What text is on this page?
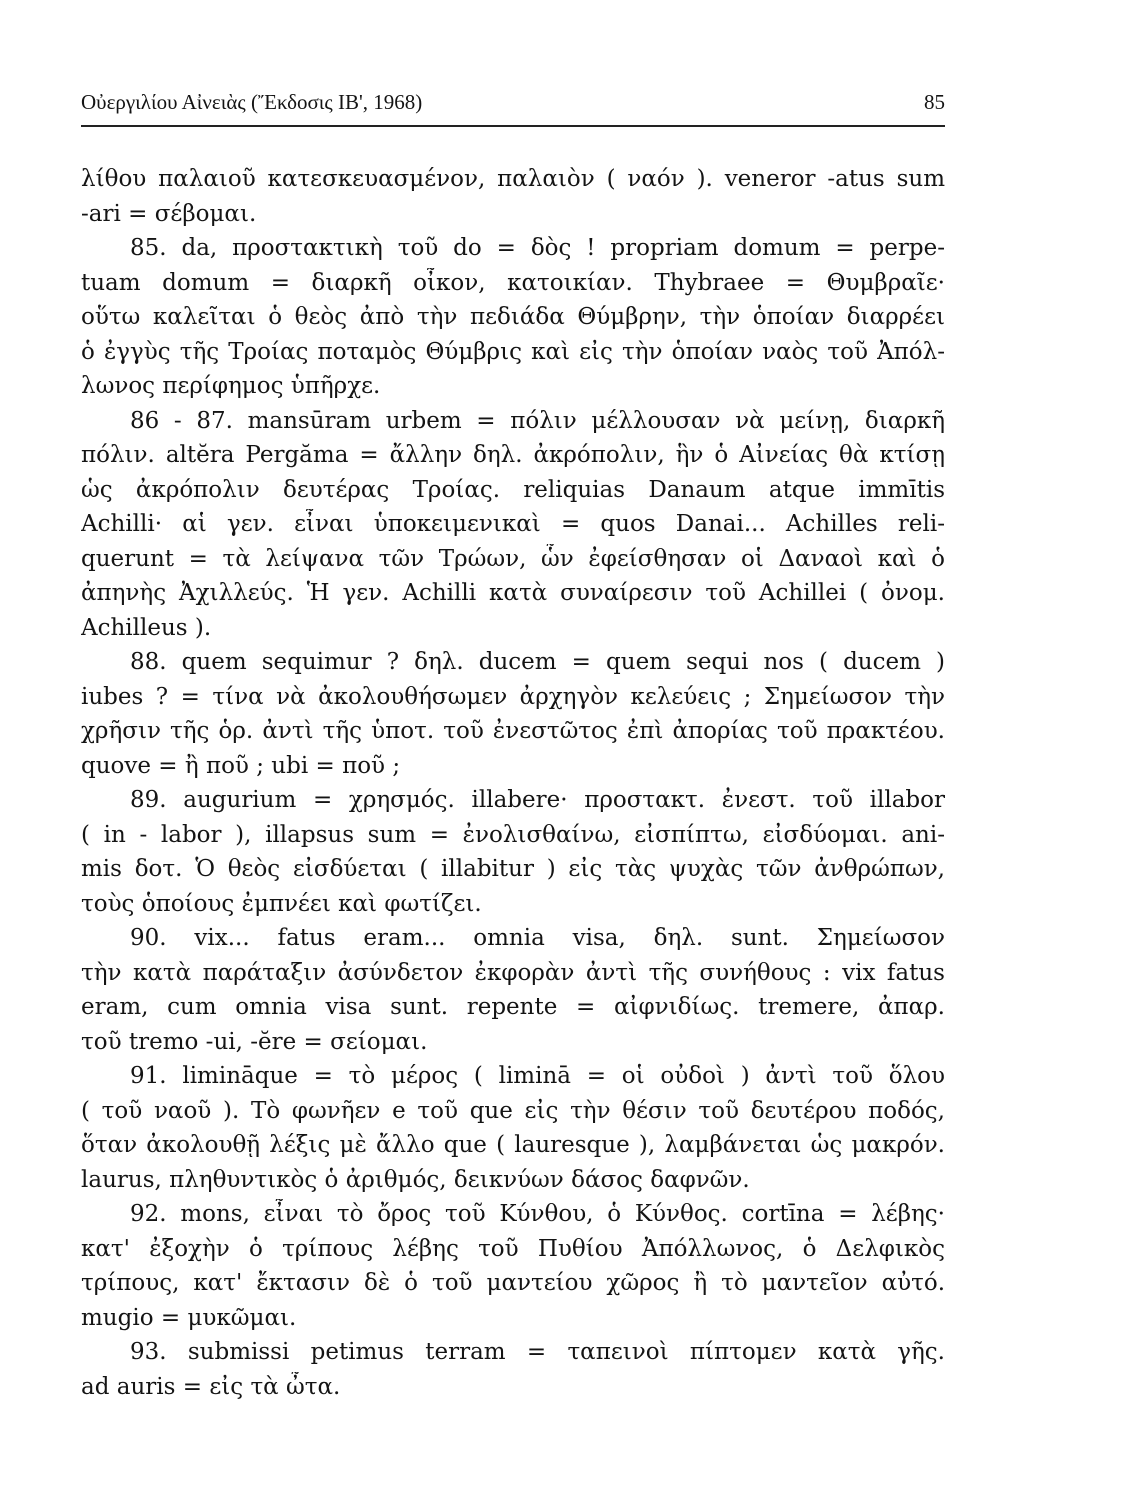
Οὐεργιλίου Αἰνειὰς (Ἔκδοσις ΙΒ', 1968)	85
λίθου παλαιοῦ κατεσκευασμένον, παλαιὸν ( ναόν ). veneror -atus sum
-ari = σέβομαι.
85. da, προστακτικὴ τοῦ do = δὸς ! propriam domum = perpe-
tuam domum = διαρκῆ οἶκον, κατοικίαν. Thybraee = Θυμβραῖε·
οὕτω καλεῖται ὁ θεὸς ἀπὸ τὴν πεδιάδα Θύμβρην, τὴν ὁποίαν διαρρέει
ὁ ἐγγὺς τῆς Τροίας ποταμὸς Θύμβρις καὶ εἰς τὴν ὁποίαν ναὸς τοῦ Ἀπόλ-
λωνος περίφημος ὑπῆρχε.
86 - 87. mansūram urbem = πόλιν μέλλουσαν νὰ μείνῃ, διαρκῆ
πόλιν. altĕra Pergăma = ἄλλην δηλ. ἀκρόπολιν, ἣν ὁ Αἰνείας θὰ κτίσῃ
ὡς ἀκρόπολιν δευτέρας Τροίας. reliquias Danaum atque immītis
Achilli· αἱ γεν. εἶναι ὑποκειμενικαὶ = quos Danai... Achilles reli-
querunt = τὰ λείψανα τῶν Τρώων, ὧν ἐφείσθησαν οἱ Δαναοὶ καὶ ὁ
ἀπηνὴς Ἀχιλλεύς. Ἡ γεν. Achilli κατὰ συναίρεσιν τοῦ Achillei ( ὀνομ.
Achilleus ).
88. quem sequimur ? δηλ. ducem = quem sequi nos ( ducem )
iubes ? = τίνα νὰ ἀκολουθήσωμεν ἀρχηγὸν κελεύεις ; Σημείωσον τὴν
χρῆσιν τῆς ὁρ. ἀντὶ τῆς ὑποτ. τοῦ ἐνεστῶτος ἐπὶ ἀπορίας τοῦ πρακτέου.
quove = ἢ ποῦ ; ubi = ποῦ ;
89. augurium = χρησμός. illabere· προστακτ. ἐνεστ. τοῦ illabor
( in - labor ), illapsus sum = ἐνολισθαίνω, εἰσπίπτω, εἰσδύομαι. ani-
mis δοτ. Ὁ θεὸς εἰσδύεται ( illabitur ) εἰς τὰς ψυχὰς τῶν ἀνθρώπων,
τοὺς ὁποίους ἐμπνέει καὶ φωτίζει.
90. vix... fatus eram... omnia visa, δηλ. sunt. Σημείωσον
τὴν κατὰ παράταξιν ἀσύνδετον ἐκφορὰν ἀντὶ τῆς συνήθους : vix fatus
eram, cum omnia visa sunt. repente = αἰφνιδίως. tremere, ἀπαρ.
τοῦ tremo -ui, -ĕre = σείομαι.
91. limināque = τὸ μέρος ( liminā = οἱ οὐδοὶ ) ἀντὶ τοῦ ὅλου
( τοῦ ναοῦ ). Τὸ φωνῆεν e τοῦ que εἰς τὴν θέσιν τοῦ δευτέρου ποδός,
ὅταν ἀκολουθῇ λέξις μὲ ἄλλο que ( lauresque ), λαμβάνεται ὡς μακρόν.
laurus, πληθυντικὸς ὁ ἀριθμός, δεικνύων δάσος δαφνῶν.
92. mons, εἶναι τὸ ὄρος τοῦ Κύνθου, ὁ Κύνθος. cortīna = λέβης·
κατ' ἐξοχὴν ὁ τρίπους λέβης τοῦ Πυθίου Ἀπόλλωνος, ὁ Δελφικὸς
τρίπους, κατ' ἔκτασιν δὲ ὁ τοῦ μαντείου χῶρος ἢ τὸ μαντεῖον αὐτό.
mugio = μυκῶμαι.
93. submissi petimus terram = ταπεινοὶ πίπτομεν κατὰ γῆς.
ad auris = εἰς τὰ ὦτα.
